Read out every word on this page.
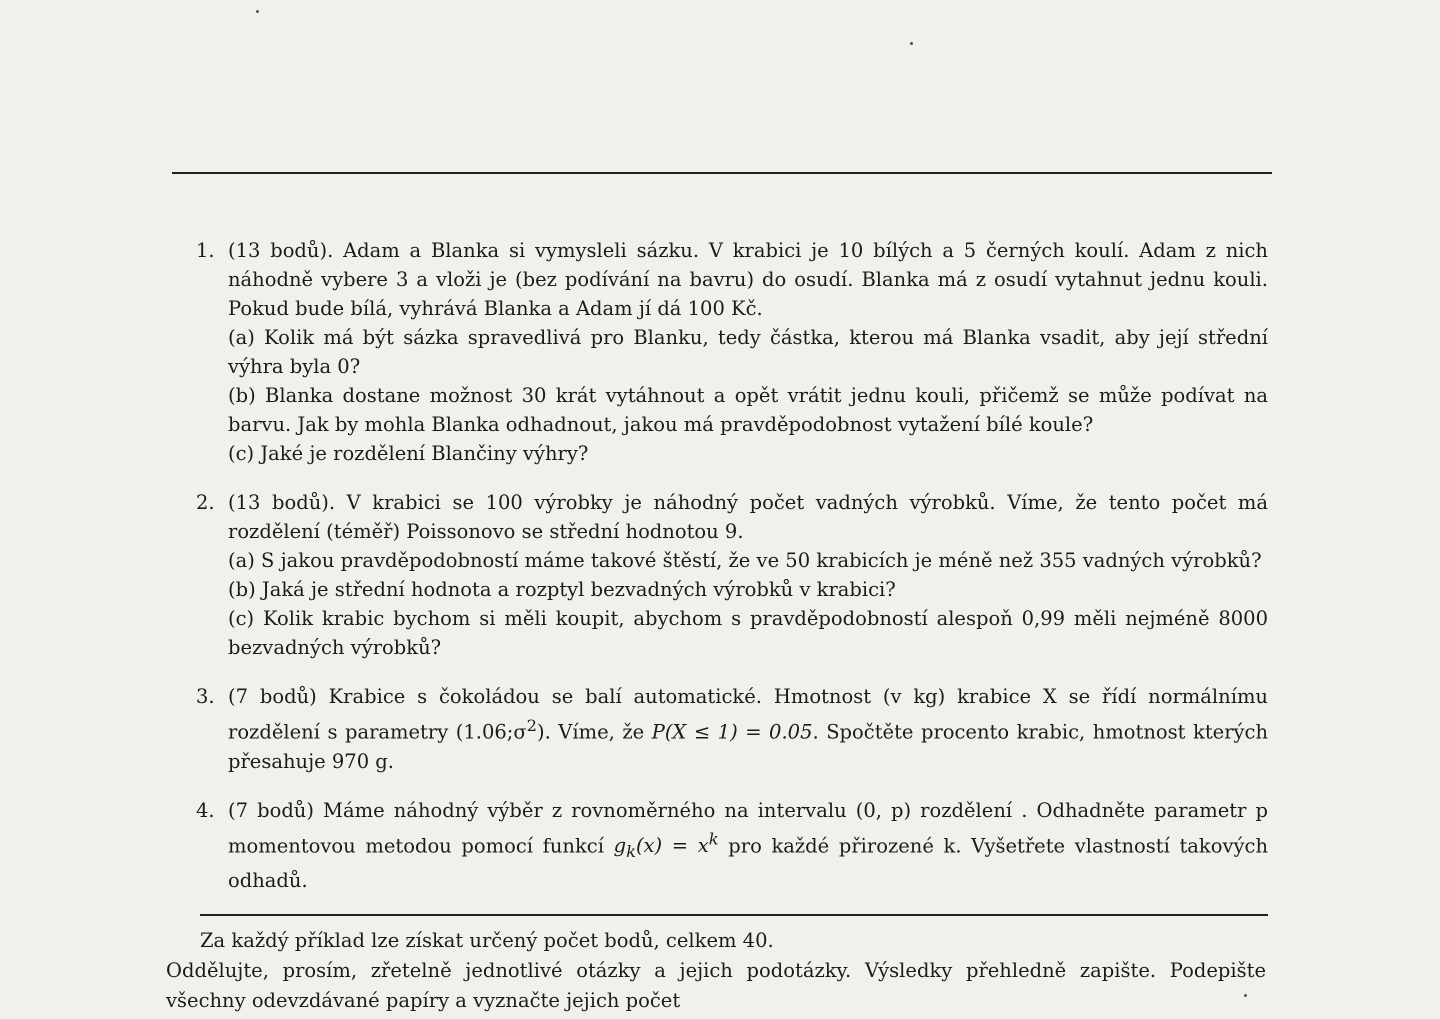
1. (13 bodů). Adam a Blanka si vymysleli sázku. V krabici je 10 bílých a 5 černých koulí. Adam z nich náhodně vybere 3 a vloži je (bez podívání na bavru) do osudí. Blanka má z osudí vytahnut jednu kouli. Pokud bude bílá, vyhrává Blanka a Adam jí dá 100 Kč.
(a) Kolik má být sázka spravedlivá pro Blanku, tedy částka, kterou má Blanka vsadit, aby její střední výhra byla 0?
(b) Blanka dostane možnost 30 krát vytáhnout a opět vrátit jednu kouli, přičemž se může podívat na barvu. Jak by mohla Blanka odhadnout, jakou má pravděpodobnost vytažení bílé koule?
(c) Jaké je rozdělení Blančiny výhry?
2. (13 bodů). V krabici se 100 výrobky je náhodný počet vadných výrobků. Víme, že tento počet má rozdělení (téměř) Poissonovo se střední hodnotou 9.
(a) S jakou pravděpodobností máme takové štěstí, že ve 50 krabicích je méně než 355 vadných výrobků?
(b) Jaká je střední hodnota a rozptyl bezvadných výrobků v krabici?
(c) Kolik krabic bychom si měli koupit, abychom s pravděpodobností alespoň 0,99 měli nejméně 8000 bezvadných výrobků?
3. (7 bodů) Krabice s čokoládou se balí automatické. Hmotnost (v kg) krabice X se řídí normálnímu rozdělení s parametry $(1.06;\sigma^2)$. Víme, že P(X ≤ 1) = 0.05. Spočtěte procento krabic, hmotnost kterých přesahuje 970 g.
4. (7 bodů) Máme náhodný výběr z rovnoměrného na intervalu (0, p) rozdělení . Odhadněte parametr p momentovou metodou pomocí funkcí $g_k(x) = x^k$ pro každé přirozené k. Vyšetřete vlastností takových odhadů.
Za každý příklad lze získat určený počet bodů, celkem 40.
Oddělujte, prosím, zřetelně jednotlivé otázky a jejich podotázky. Výsledky přehledně zapište. Podepište všechny odevzdávané papíry a vyznačte jejich počet
